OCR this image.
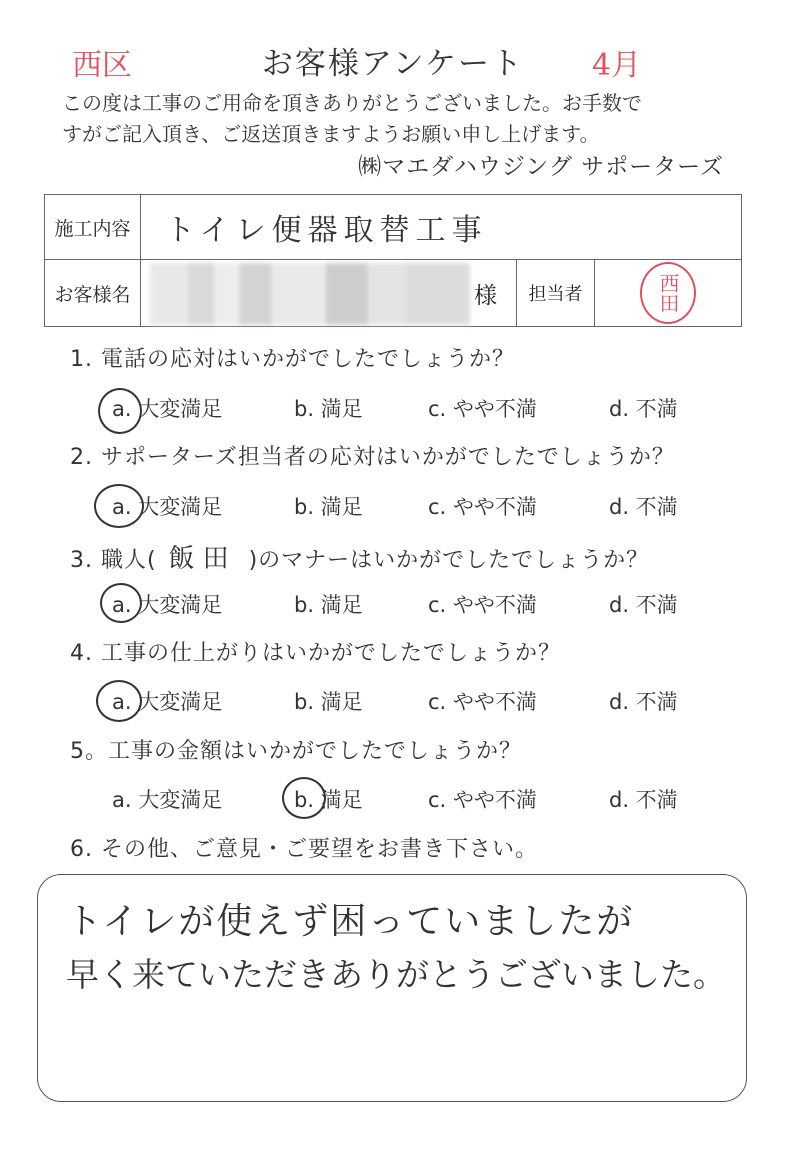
西区	4月
お客様アンケート
この度は工事のご用命を頂きありがとうございました。お手数で
すがご記入頂き、ご返送頂きますようお願い申し上げます。
㈱マエダハウジング サポーターズ
施工内容	トイレ便器取替工事
お客様名	様	担当者	西田
1. 電話の応対はいかがでしたでしょうか？
a. 大変満足	b. 満足	c. やや不満	d. 不満
2. サポーターズ担当者の応対はいかがでしたでしょうか？
a. 大変満足	b. 満足	c. やや不満	d. 不満
3. 職人( 飯田 )のマナーはいかがでしたでしょうか？
a. 大変満足	b. 満足	c. やや不満	d. 不満
4. 工事の仕上がりはいかがでしたでしょうか？
a. 大変満足	b. 満足	c. やや不満	d. 不満
5。工事の金額はいかがでしたでしょうか？
a. 大変満足	b. 満足	c. やや不満	d. 不満
6. その他、ご意見・ご要望をお書き下さい。
トイレが使えず困っていましたが
早く来ていただきありがとうございました。
